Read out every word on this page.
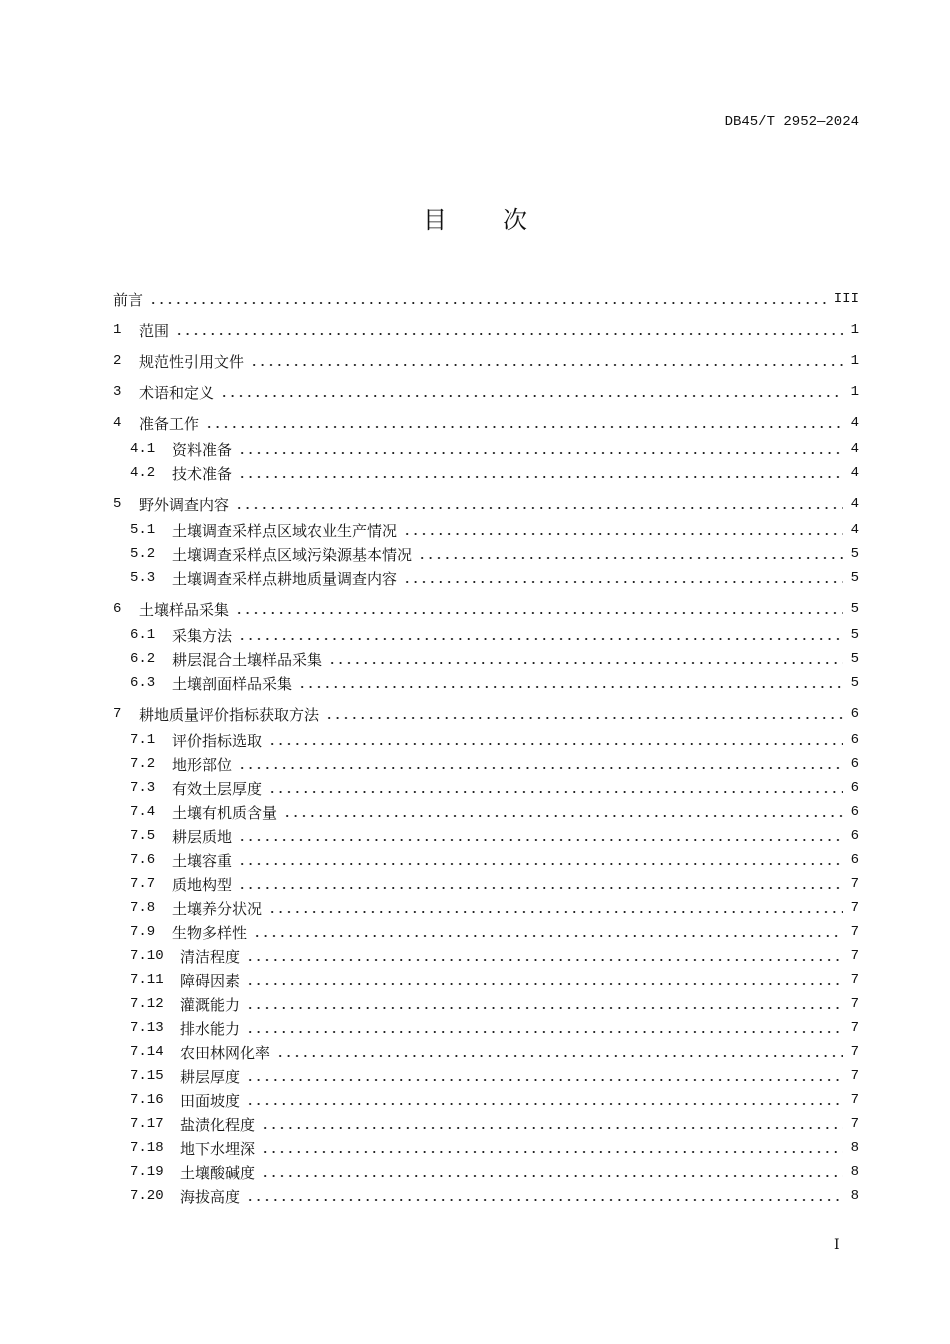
DB45/T 2952—2024
目 次
前言	III
1	范围	1
2	规范性引用文件	1
3	术语和定义	1
4	准备工作	4
4.1	资料准备	4
4.2	技术准备	4
5	野外调查内容	4
5.1	土壤调查采样点区域农业生产情况	4
5.2	土壤调查采样点区域污染源基本情况	5
5.3	土壤调查采样点耕地质量调查内容	5
6	土壤样品采集	5
6.1	采集方法	5
6.2	耕层混合土壤样品采集	5
6.3	土壤剖面样品采集	5
7	耕地质量评价指标获取方法	6
7.1	评价指标选取	6
7.2	地形部位	6
7.3	有效土层厚度	6
7.4	土壤有机质含量	6
7.5	耕层质地	6
7.6	土壤容重	6
7.7	质地构型	7
7.8	土壤养分状况	7
7.9	生物多样性	7
7.10	清洁程度	7
7.11	障碍因素	7
7.12	灌溉能力	7
7.13	排水能力	7
7.14	农田林网化率	7
7.15	耕层厚度	7
7.16	田面坡度	7
7.17	盐渍化程度	7
7.18	地下水埋深	8
7.19	土壤酸碱度	8
7.20	海拔高度	8
I
